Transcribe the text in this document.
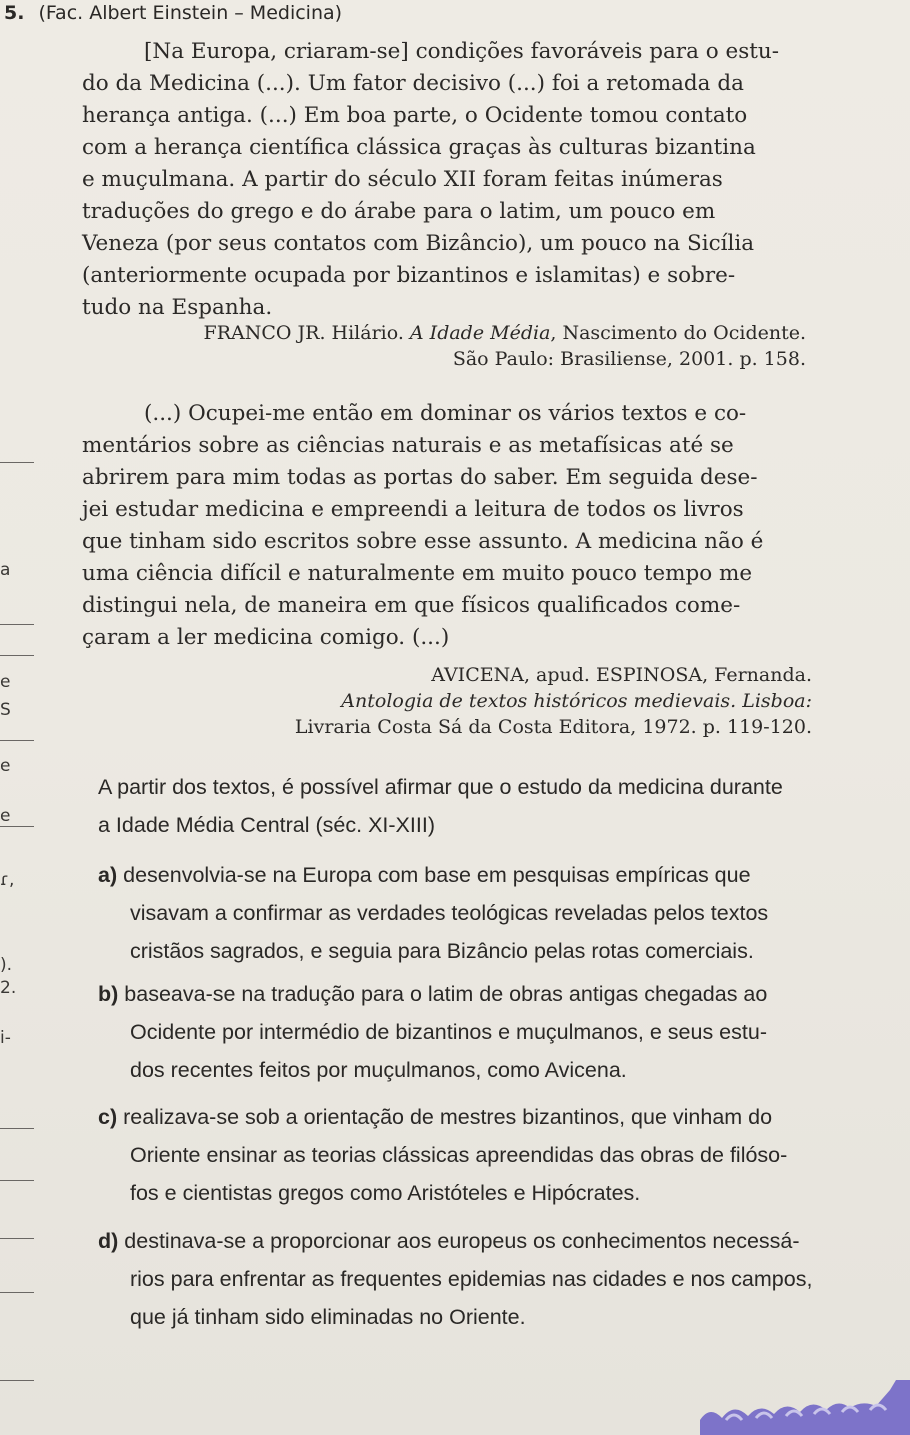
5. (Fac. Albert Einstein – Medicina)
[Na Europa, criaram-se] condições favoráveis para o estu-
do da Medicina (...). Um fator decisivo (...) foi a retomada da
herança antiga. (...) Em boa parte, o Ocidente tomou contato
com a herança científica clássica graças às culturas bizantina
e muçulmana. A partir do século XII foram feitas inúmeras
traduções do grego e do árabe para o latim, um pouco em
Veneza (por seus contatos com Bizâncio), um pouco na Sicília
(anteriormente ocupada por bizantinos e islamitas) e sobre-
tudo na Espanha.
FRANCO JR. Hilário. A Idade Média, Nascimento do Ocidente.
São Paulo: Brasiliense, 2001. p. 158.
(...) Ocupei-me então em dominar os vários textos e co-
mentários sobre as ciências naturais e as metafísicas até se
abrirem para mim todas as portas do saber. Em seguida dese-
jei estudar medicina e empreendi a leitura de todos os livros
que tinham sido escritos sobre esse assunto. A medicina não é
uma ciência difícil e naturalmente em muito pouco tempo me
distingui nela, de maneira em que físicos qualificados come-
çaram a ler medicina comigo. (...)
AVICENA, apud. ESPINOSA, Fernanda.
Antologia de textos históricos medievais. Lisboa:
Livraria Costa Sá da Costa Editora, 1972. p. 119-120.
A partir dos textos, é possível afirmar que o estudo da medicina durante
a Idade Média Central (séc. XI-XIII)
a) desenvolvia-se na Europa com base em pesquisas empíricas que
visavam a confirmar as verdades teológicas reveladas pelos textos
cristãos sagrados, e seguia para Bizâncio pelas rotas comerciais.
b) baseava-se na tradução para o latim de obras antigas chegadas ao
Ocidente por intermédio de bizantinos e muçulmanos, e seus estu-
dos recentes feitos por muçulmanos, como Avicena.
c) realizava-se sob a orientação de mestres bizantinos, que vinham do
Oriente ensinar as teorias clássicas apreendidas das obras de filóso-
fos e cientistas gregos como Aristóteles e Hipócrates.
d) destinava-se a proporcionar aos europeus os conhecimentos necessá-
rios para enfrentar as frequentes epidemias nas cidades e nos campos,
que já tinham sido eliminadas no Oriente.
ɾ,
).
2.
i-
e
e
S
e
a
